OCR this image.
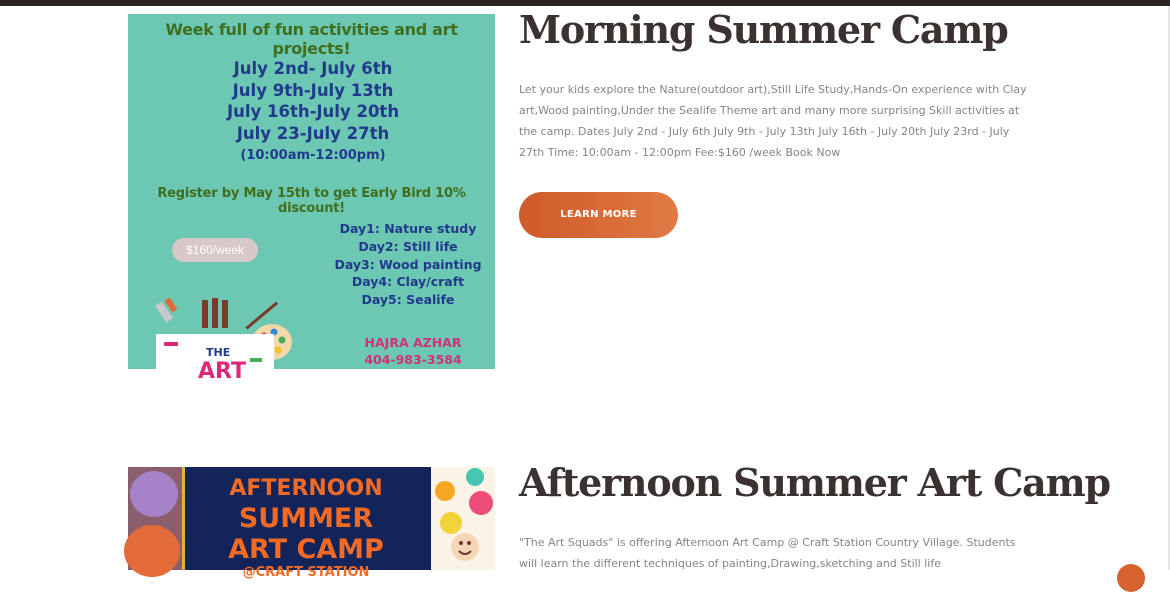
Week full of fun activities and art projects!
July 2nd- July 6th
July 9th-July 13th
July 16th-July 20th
July 23-July 27th
(10:00am-12:00pm)
Register by May 15th to get Early Bird 10% discount!
$160/week
Day1: Nature study
Day2: Still life
Day3: Wood painting
Day4: Clay/craft
Day5: Sealife
HAJRA AZHAR
404-983-3584
THE
ART
Morning Summer Camp
Let your kids explore the Nature(outdoor art),Still Life Study,Hands-On experience with Clay art,Wood painting,Under the Sealife Theme art and many more surprising Skill activities at the camp. Dates July 2nd - July 6th July 9th - July 13th July 16th - July 20th July 23rd - July 27th Time: 10:00am - 12:00pm Fee:$160 /week Book Now
LEARN MORE
AFTERNOON
SUMMER
ART CAMP
@CRAFT STATION
Afternoon Summer Art Camp
"The Art Squads" is offering Afternoon Art Camp @ Craft Station Country Village. Students will learn the different techniques of painting,Drawing,sketching and Still life
